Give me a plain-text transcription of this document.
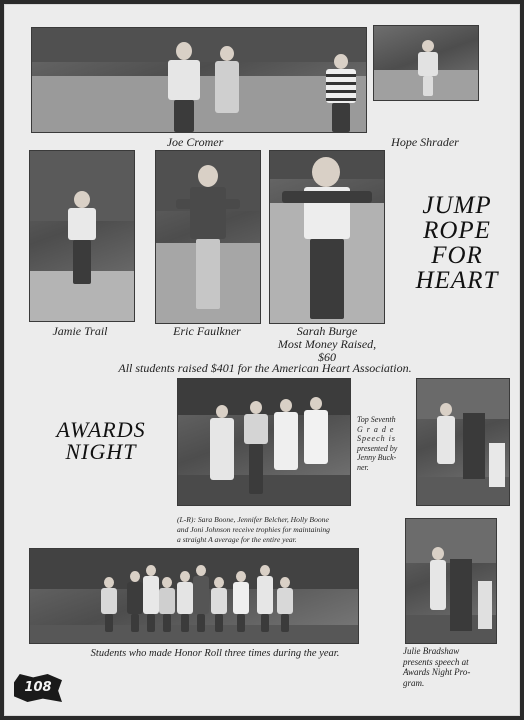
Joe Cromer	Hope Shrader
Jamie Trail	Eric Faulkner	Sarah Burge
Most Money Raised,
$60
JUMP
ROPE
FOR
HEART
All students raised $401 for the American Heart Association.
AWARDS
NIGHT
Top Seventh
Grade
Speech is
presented by
Jenny Buck-
ner.
(L-R): Sara Boone, Jennifer Belcher, Holly Boone
and Joni Johnson receive trophies for maintaining
a straight A average for the entire year.
Students who made Honor Roll three times during the year.	Julie Bradshaw
presents speech at
Awards Night Pro-
gram.
108
